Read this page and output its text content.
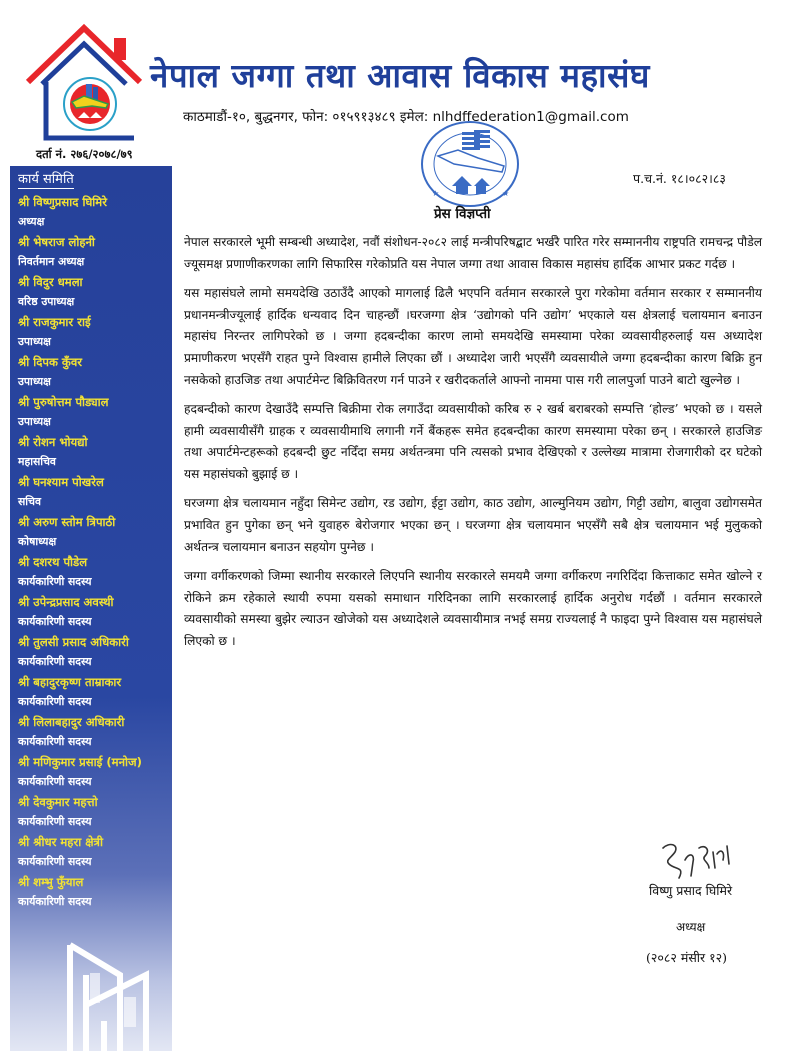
नेपाल जग्गा तथा आवास विकास महासंघ
काठमाडौं-१०, बुद्धनगर, फोन: ०१५९१३४८९ इमेल: nlhdffederation1@gmail.com
दर्ता नं. २७६/२०७८/७९
★	★
प.च.नं. १८।०८२।८३
प्रेस विज्ञप्ती
कार्य समिति
श्री विष्णुप्रसाद घिमिरे
अध्यक्ष
श्री भेषराज लोहनी
निवर्तमान अध्यक्ष
श्री विदुर धमला
वरिष्ठ उपाध्यक्ष
श्री राजकुमार राई
उपाध्यक्ष
श्री दिपक कुँवर
उपाध्यक्ष
श्री पुरुषोत्तम पौड्याल
उपाध्यक्ष
श्री रोशन भोयद्यो
महासचिव
श्री घनश्याम पोखरेल
सचिव
श्री अरुण स्तोम त्रिपाठी
कोषाध्यक्ष
श्री दशरथ पौडेल
कार्यकारिणी सदस्य
श्री उपेन्द्रप्रसाद अवस्थी
कार्यकारिणी सदस्य
श्री तुलसी प्रसाद अधिकारी
कार्यकारिणी सदस्य
श्री बहादुरकृष्ण ताम्राकार
कार्यकारिणी सदस्य
श्री लिलाबहादुर अधिकारी
कार्यकारिणी सदस्य
श्री मणिकुमार प्रसाई (मनोज)
कार्यकारिणी सदस्य
श्री देवकुमार महत्तो
कार्यकारिणी सदस्य
श्री श्रीधर महरा क्षेत्री
कार्यकारिणी सदस्य
श्री शम्भु फुँयाल
कार्यकारिणी सदस्य

नेपाल सरकारले भूमी सम्बन्धी अध्यादेश, नवौं संशोधन-२०८२ लाई मन्त्रीपरिषद्बाट भर्खरै पारित गरेर सम्माननीय राष्ट्रपति रामचन्द्र पौडेल ज्यूसमक्ष प्रणाणीकरणका लागि सिफारिस गरेकोप्रति यस नेपाल जग्गा तथा आवास विकास महासंघ हार्दिक आभार प्रकट गर्दछ ।

यस महासंघले लामो समयदेखि उठाउँदै आएको मागलाई ढिलै भएपनि वर्तमान सरकारले पुरा गरेकोमा वर्तमान सरकार र सम्माननीय प्रधानमन्त्रीज्यूलाई हार्दिक धन्यवाद दिन चाहन्छौं ।घरजग्गा क्षेत्र ‘उद्योगको पनि उद्योग’ भएकाले यस क्षेत्रलाई चलायमान बनाउन महासंघ निरन्तर लागिपरेको छ । जग्गा हदबन्दीका कारण लामो समयदेखि समस्यामा परेका व्यवसायीहरुलाई यस अध्यादेश प्रमाणीकरण भएसँगै राहत पुग्ने विश्वास हामीले लिएका छौं । अध्यादेश जारी भएसँगै व्यवसायीले जग्गा हदबन्दीका कारण बिक्रि हुन नसकेको हाउजिङ तथा अपार्टमेन्ट बिक्रिवितरण गर्न पाउने र खरीदकर्ताले आफ्नो नाममा पास गरी लालपुर्जा पाउने बाटो खुल्नेछ ।

हदबन्दीको कारण देखाउँदै सम्पत्ति बिक्रीमा रोक लगाउँदा व्यवसायीको करिब रु २ खर्ब बराबरको सम्पत्ति ‘होल्ड’ भएको छ । यसले हामी व्यवसायीसँगै ग्राहक र व्यवसायीमाथि लगानी गर्ने बैंकहरू समेत हदबन्दीका कारण समस्यामा परेका छन् । सरकारले हाउजिङ तथा अपार्टमेन्टहरूको हदबन्दी छुट नदिँदा समग्र अर्थतन्त्रमा पनि त्यसको प्रभाव देखिएको र उल्लेख्य मात्रामा रोजगारीको दर घटेको यस महासंघको बुझाई छ ।

घरजग्गा क्षेत्र चलायमान नहुँदा सिमेन्ट उद्योग, रड उद्योग, ईट्टा उद्योग, काठ उद्योग, आल्मुनियम उद्योग, गिट्टी उद्योग, बालुवा उद्योगसमेत प्रभावित हुन पुगेका छन् भने युवाहरु बेरोजगार भएका छन् । घरजग्गा क्षेत्र चलायमान भएसँगै सबै क्षेत्र चलायमान भई मुलुकको अर्थतन्त्र चलायमान बनाउन सहयोग पुग्नेछ ।

जग्गा वर्गीकरणको जिम्मा स्थानीय सरकारले लिएपनि स्थानीय सरकारले समयमै जग्गा वर्गीकरण नगरिदिंदा कित्ताकाट समेत खोल्ने र रोकिने क्रम रहेकाले स्थायी रुपमा यसको समाधान गरिदिनका लागि सरकारलाई हार्दिक अनुरोध गर्दछौं । वर्तमान सरकारले व्यवसायीको समस्या बुझेर ल्याउन खोजेको यस अध्यादेशले व्यवसायीमात्र नभई समग्र राज्यलाई नै फाइदा पुग्ने विश्वास यस महासंघले लिएको छ ।

विष्णु प्रसाद घिमिरे
अध्यक्ष
(२०८२ मंसीर १२)
